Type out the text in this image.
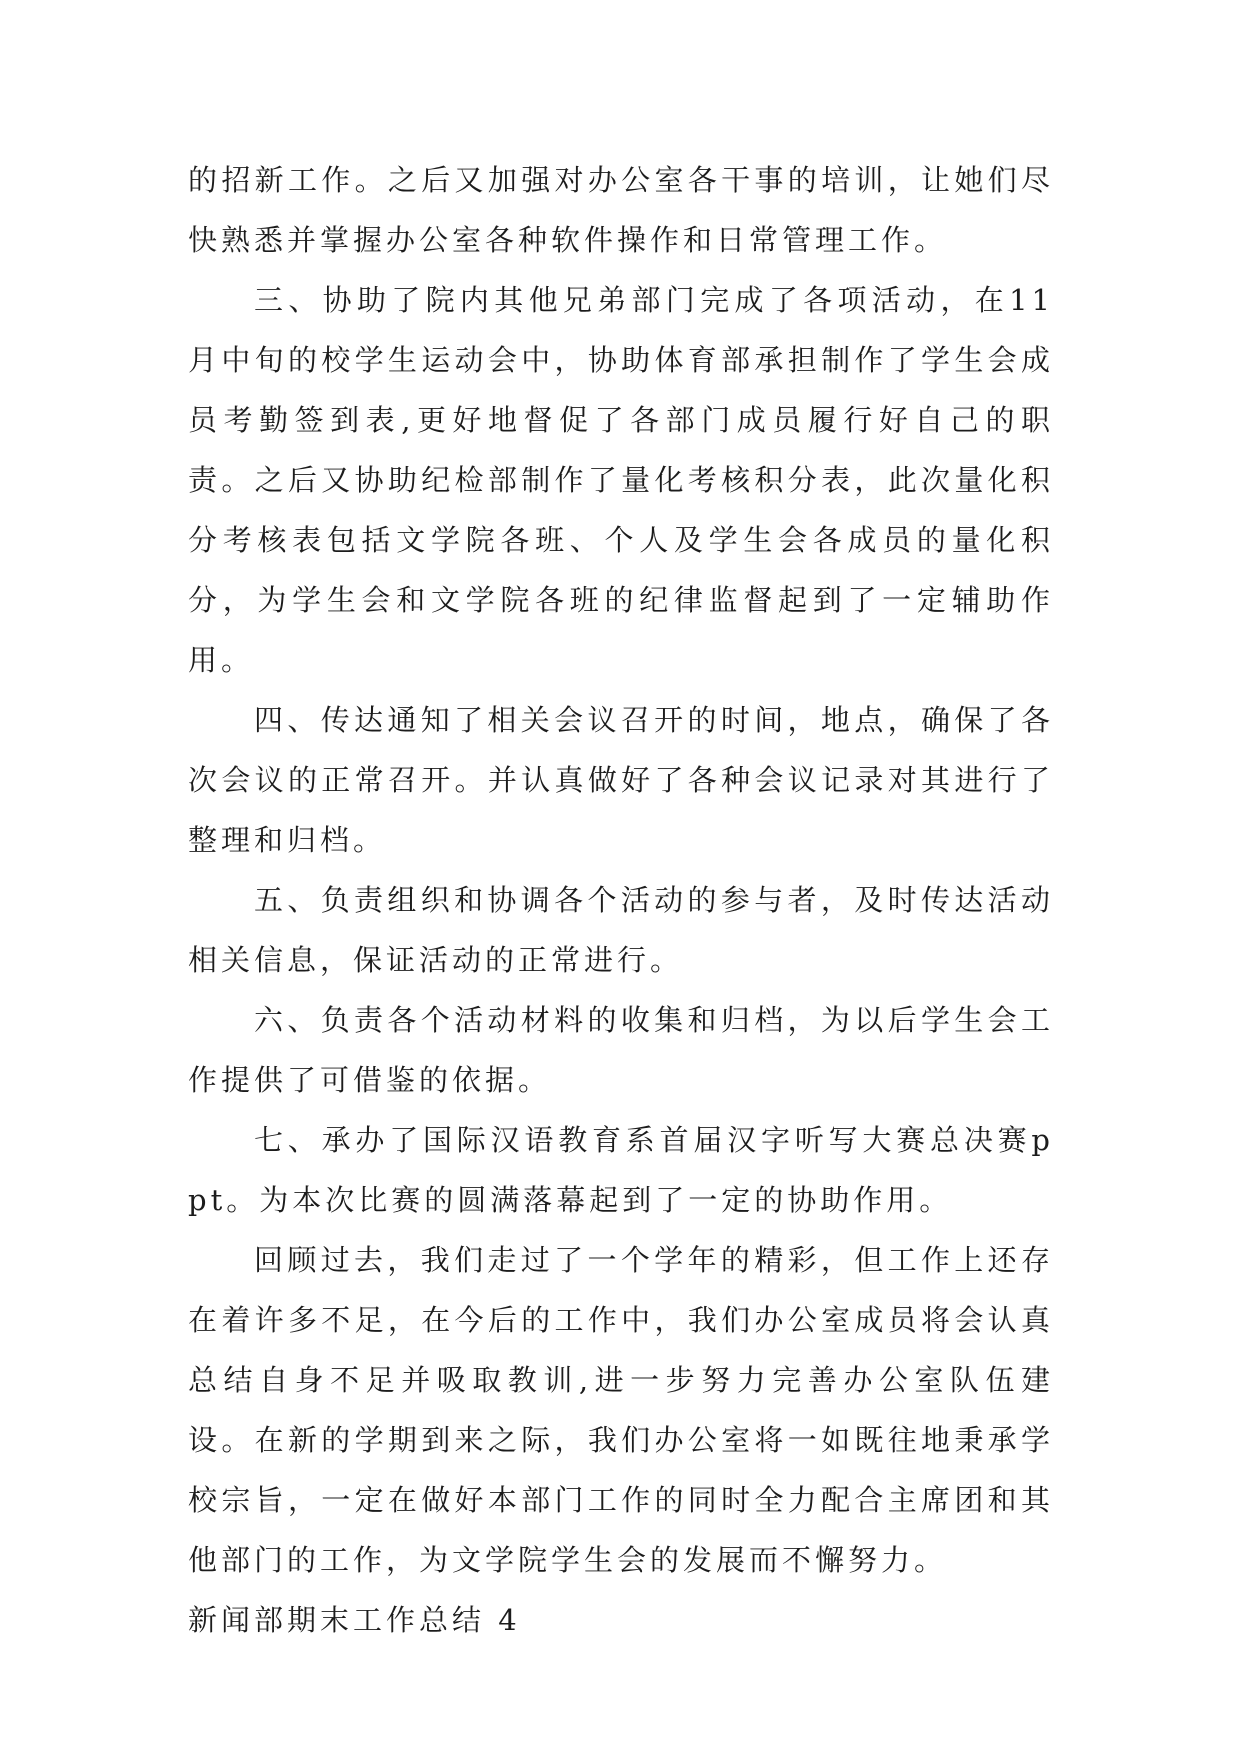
的招新工作。之后又加强对办公室各干事的培训，让她们尽快熟悉并掌握办公室各种软件操作和日常管理工作。

三、协助了院内其他兄弟部门完成了各项活动，在11月中旬的校学生运动会中，协助体育部承担制作了学生会成员考勤签到表,更好地督促了各部门成员履行好自己的职责。之后又协助纪检部制作了量化考核积分表，此次量化积分考核表包括文学院各班、个人及学生会各成员的量化积分，为学生会和文学院各班的纪律监督起到了一定辅助作用。

四、传达通知了相关会议召开的时间，地点，确保了各次会议的正常召开。并认真做好了各种会议记录对其进行了整理和归档。

五、负责组织和协调各个活动的参与者，及时传达活动相关信息，保证活动的正常进行。

六、负责各个活动材料的收集和归档，为以后学生会工作提供了可借鉴的依据。

七、承办了国际汉语教育系首届汉字听写大赛总决赛ppt。为本次比赛的圆满落幕起到了一定的协助作用。

回顾过去，我们走过了一个学年的精彩，但工作上还存在着许多不足，在今后的工作中，我们办公室成员将会认真总结自身不足并吸取教训,进一步努力完善办公室队伍建设。在新的学期到来之际，我们办公室将一如既往地秉承学校宗旨，一定在做好本部门工作的同时全力配合主席团和其他部门的工作，为文学院学生会的发展而不懈努力。

新闻部期末工作总结 4
